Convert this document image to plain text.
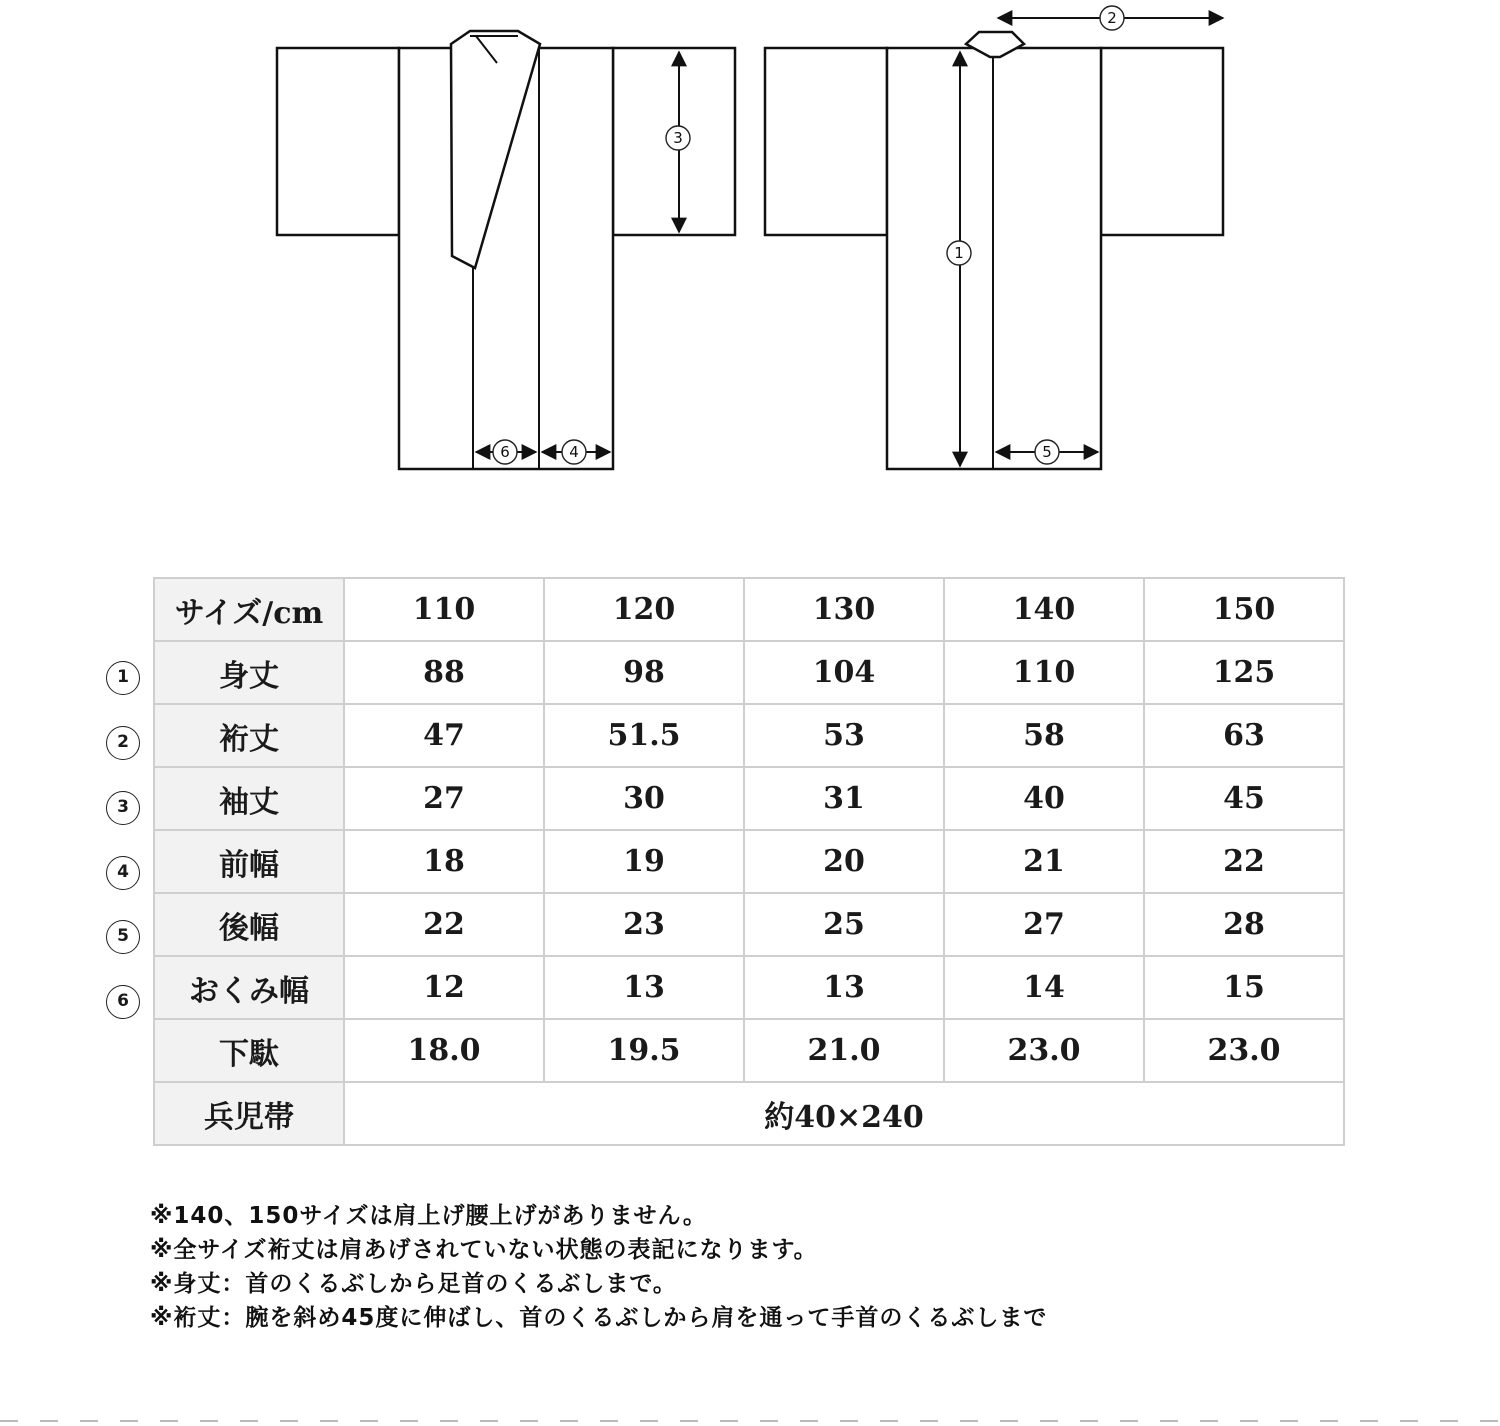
3
1
2
6	4	5
1
2
3
4
5
6
サイズ/cm	110	120	130	140	150
身丈	88	98	104	110	125
裄丈	47	51.5	53	58	63
袖丈	27	30	31	40	45
前幅	18	19	20	21	22
後幅	22	23	25	27	28
おくみ幅	12	13	13	14	15
下駄	18.0	19.5	21.0	23.0	23.0
兵児帯	約40×240				
※140、150サイズは肩上げ腰上げがありません。
※全サイズ裄丈は肩あげされていない状態の表記になります。
※身丈：首のくるぶしから足首のくるぶしまで。
※裄丈：腕を斜め45度に伸ばし、首のくるぶしから肩を通って手首のくるぶしまで
